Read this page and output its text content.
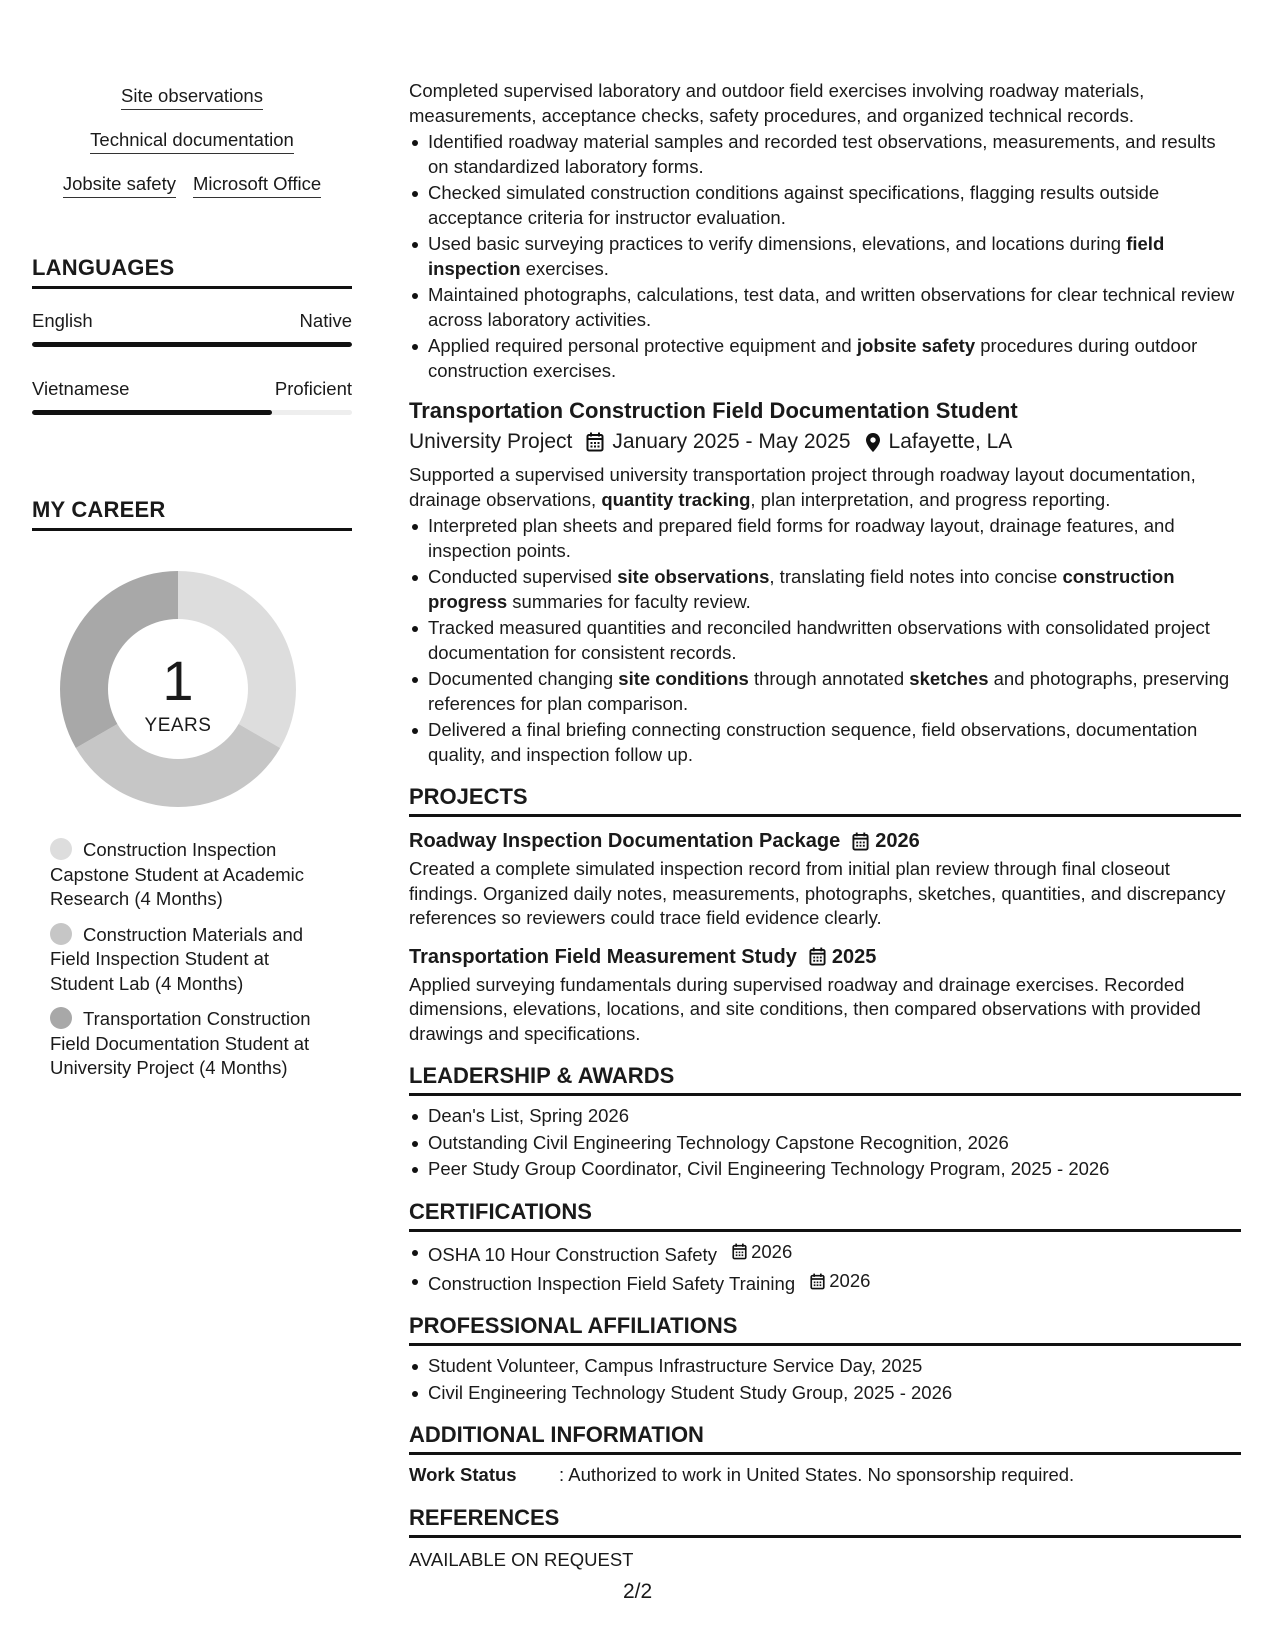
Site observations
Technical documentation
Jobsite safety Microsoft Office
LANGUAGES
English	Native
Vietnamese	Proficient
MY CAREER
1
YEARS
Construction Inspection Capstone Student at Academic Research (4 Months)
Construction Materials and Field Inspection Student at Student Lab (4 Months)
Transportation Construction Field Documentation Student at University Project (4 Months)

Completed supervised laboratory and outdoor field exercises involving roadway materials, measurements, acceptance checks, safety procedures, and organized technical records.

Identified roadway material samples and recorded test observations, measurements, and results on standardized laboratory forms.
Checked simulated construction conditions against specifications, flagging results outside acceptance criteria for instructor evaluation.
Used basic surveying practices to verify dimensions, elevations, and locations during field inspection exercises.
Maintained photographs, calculations, test data, and written observations for clear technical review across laboratory activities.
Applied required personal protective equipment and jobsite safety procedures during outdoor construction exercises.
Transportation Construction Field Documentation Student
University Project January 2025 - May 2025 Lafayette, LA

Supported a supervised university transportation project through roadway layout documentation, drainage observations, quantity tracking, plan interpretation, and progress reporting.

Interpreted plan sheets and prepared field forms for roadway layout, drainage features, and inspection points.
Conducted supervised site observations, translating field notes into concise construction progress summaries for faculty review.
Tracked measured quantities and reconciled handwritten observations with consolidated project documentation for consistent records.
Documented changing site conditions through annotated sketches and photographs, preserving references for plan comparison.
Delivered a final briefing connecting construction sequence, field observations, documentation quality, and inspection follow up.
PROJECTS
Roadway Inspection Documentation Package 2026

Created a complete simulated inspection record from initial plan review through final closeout findings. Organized daily notes, measurements, photographs, sketches, quantities, and discrepancy references so reviewers could trace field evidence clearly.

Transportation Field Measurement Study 2025

Applied surveying fundamentals during supervised roadway and drainage exercises. Recorded dimensions, elevations, locations, and site conditions, then compared observations with provided drawings and specifications.

LEADERSHIP & AWARDS
Dean's List, Spring 2026
Outstanding Civil Engineering Technology Capstone Recognition, 2026
Peer Study Group Coordinator, Civil Engineering Technology Program, 2025 - 2026
CERTIFICATIONS
OSHA 10 Hour Construction Safety 2026
Construction Inspection Field Safety Training 2026
PROFESSIONAL AFFILIATIONS
Student Volunteer, Campus Infrastructure Service Day, 2025
Civil Engineering Technology Student Study Group, 2025 - 2026
ADDITIONAL INFORMATION
Work Status	: Authorized to work in United States. No sponsorship required.
REFERENCES
AVAILABLE ON REQUEST
2/2
